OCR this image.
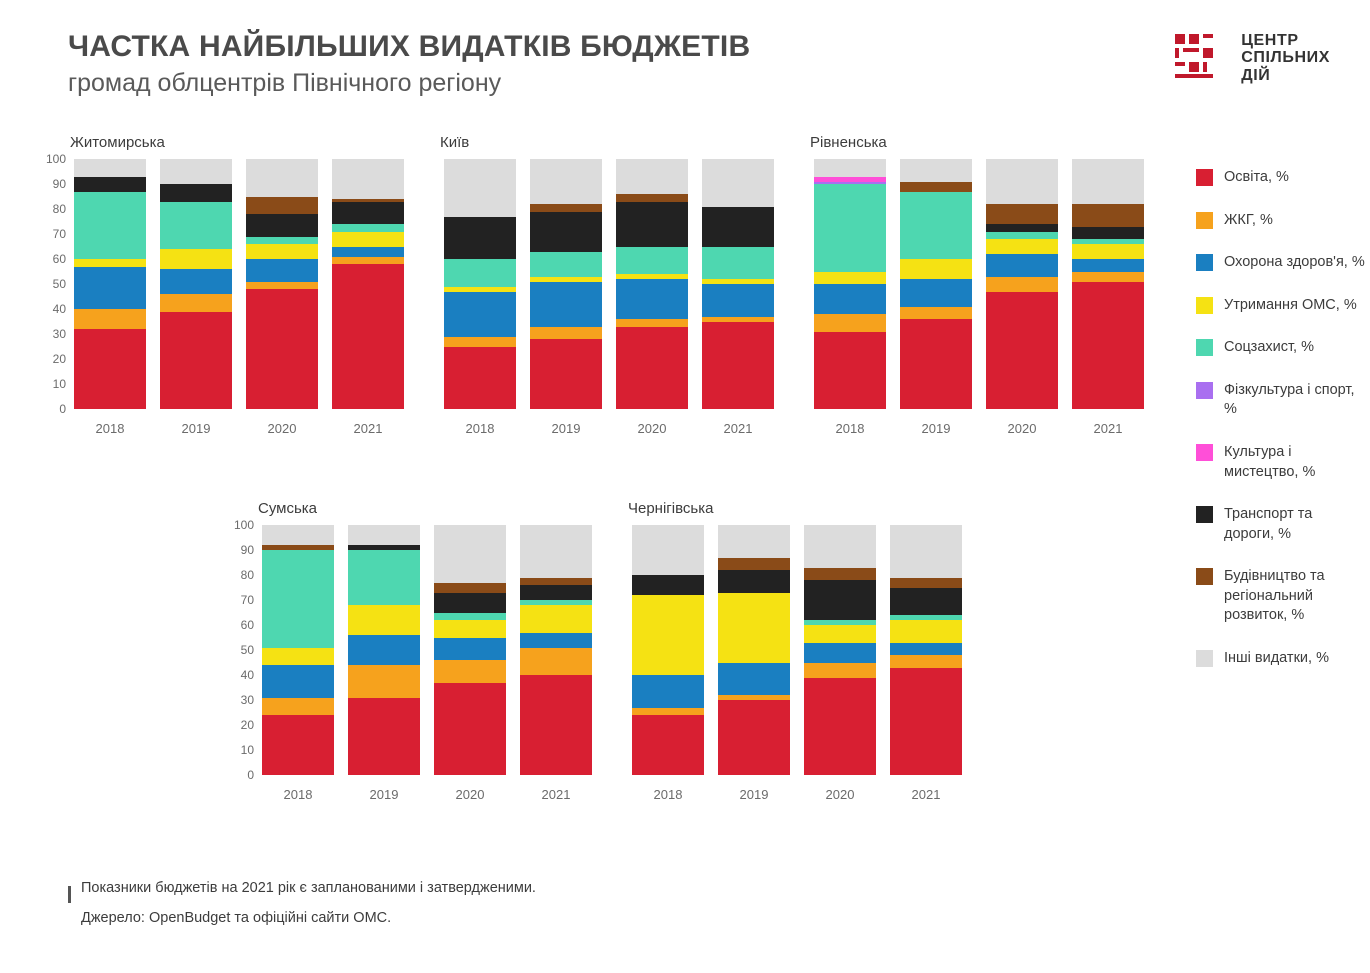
ЧАСТКА НАЙБІЛЬШИХ ВИДАТКІВ БЮДЖЕТІВ
громад облцентрів Північного регіону
ЦЕНТР
СПІЛЬНИХ
ДІЙ
Житомирська
0
10
20
30
40
50
60
70
80
90
100
2018	2019	2020	2021
Київ
2018	2019	2020	2021
Рівненська
2018	2019	2020	2021
Сумська
0
10
20
30
40
50
60
70
80
90
100
2018	2019	2020	2021
Чернігівська
2018	2019	2020	2021
Освіта, %
ЖКГ, %
Охорона здоров'я, %
Утримання ОМС, %
Соцзахист, %
Фізкультура і спорт, %
Культура і мистецтво, %
Транспорт та дороги, %
Будівництво та регіональний розвиток, %
Інші видатки, %

Показники бюджетів на 2021 рік є запланованими і затвердженими.

Джерело: OpenBudget та офіційні сайти ОМС.
